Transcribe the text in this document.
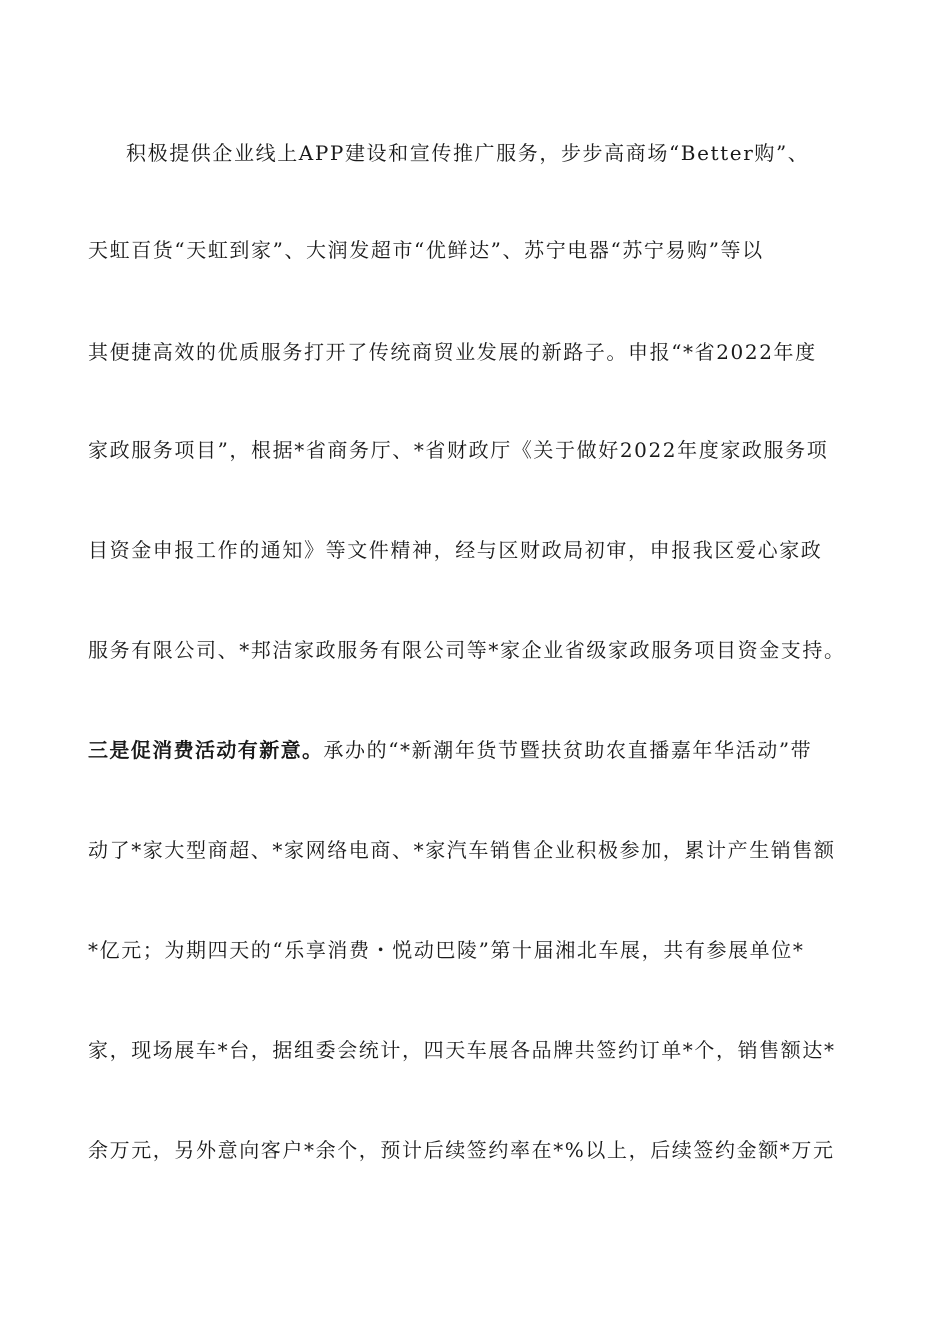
积极提供企业线上APP建设和宣传推广服务，步步高商场“Better购”、
天虹百货“天虹到家”、大润发超市“优鲜达”、苏宁电器“苏宁易购”等以
其便捷高效的优质服务打开了传统商贸业发展的新路子。申报“*省2022年度
家政服务项目”，根据*省商务厅、*省财政厅《关于做好2022年度家政服务项
目资金申报工作的通知》等文件精神，经与区财政局初审，申报我区爱心家政
服务有限公司、*邦洁家政服务有限公司等*家企业省级家政服务项目资金支持。
三是促消费活动有新意。承办的“*新潮年货节暨扶贫助农直播嘉年华活动”带
动了*家大型商超、*家网络电商、*家汽车销售企业积极参加，累计产生销售额
*亿元；为期四天的“乐享消费・悦动巴陵”第十届湘北车展，共有参展单位*
家，现场展车*台，据组委会统计，四天车展各品牌共签约订单*个，销售额达*
余万元，另外意向客户*余个，预计后续签约率在*%以上，后续签约金额*万元
